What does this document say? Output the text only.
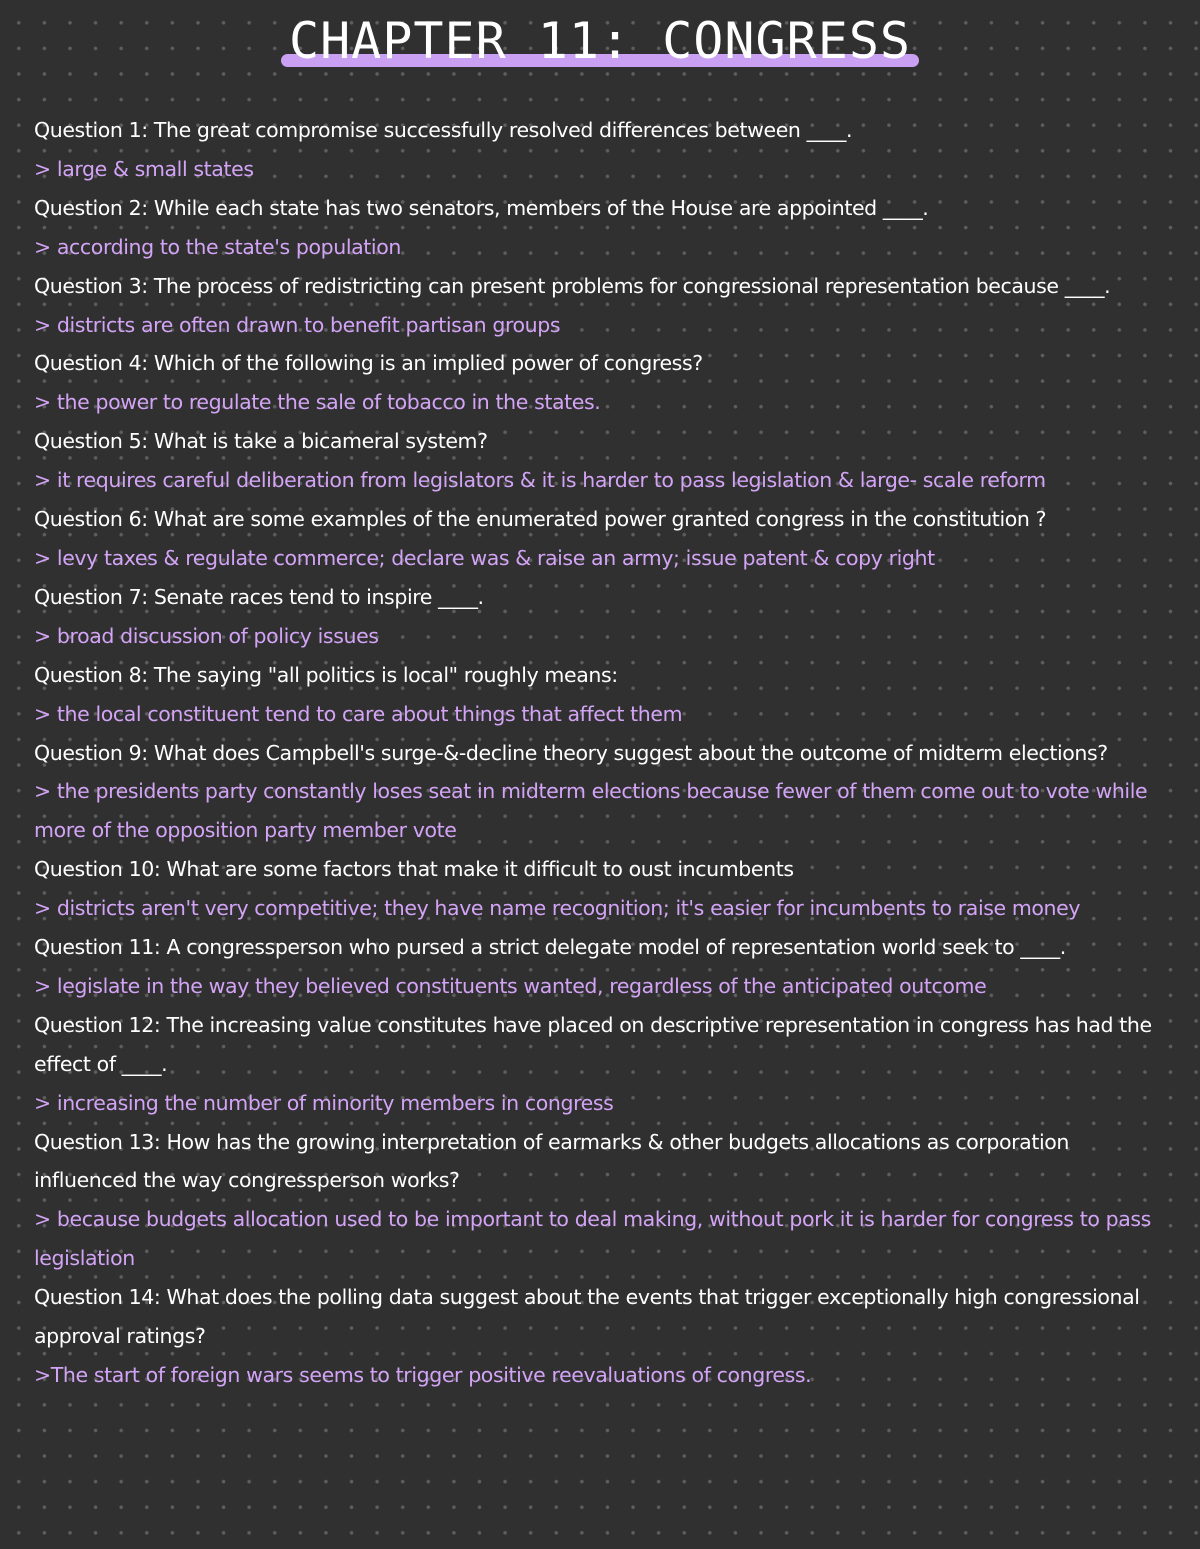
CHAPTER 11: CONGRESS

Question 1: The great compromise successfully resolved differences between ____.

> large & small states

Question 2: While each state has two senators, members of the House are appointed ____.

> according to the state's population

Question 3: The process of redistricting can present problems for congressional representation because ____.

> districts are often drawn to benefit partisan groups

Question 4: Which of the following is an implied power of congress?

> the power to regulate the sale of tobacco in the states.

Question 5: What is take a bicameral system?

> it requires careful deliberation from legislators & it is harder to pass legislation & large- scale reform

Question 6: What are some examples of the enumerated power granted congress in the constitution ?

> levy taxes & regulate commerce; declare was & raise an army; issue patent & copy right

Question 7: Senate races tend to inspire ____.

> broad discussion of policy issues

Question 8: The saying "all politics is local" roughly means:

> the local constituent tend to care about things that affect them

Question 9: What does Campbell's surge-&-decline theory suggest about the outcome of midterm elections?

> the presidents party constantly loses seat in midterm elections because fewer of them come out to vote while more of the opposition party member vote

Question 10: What are some factors that make it difficult to oust incumbents

> districts aren't very competitive; they have name recognition; it's easier for incumbents to raise money

Question 11: A congressperson who pursed a strict delegate model of representation world seek to ____.

> legislate in the way they believed constituents wanted, regardless of the anticipated outcome

Question 12: The increasing value constitutes have placed on descriptive representation in congress has had the effect of ____.

> increasing the number of minority members in congress

Question 13: How has the growing interpretation of earmarks & other budgets allocations as corporation influenced the way congressperson works?

> because budgets allocation used to be important to deal making, without pork it is harder for congress to pass legislation

Question 14: What does the polling data suggest about the events that trigger exceptionally high congressional approval ratings?

>The start of foreign wars seems to trigger positive reevaluations of congress.
